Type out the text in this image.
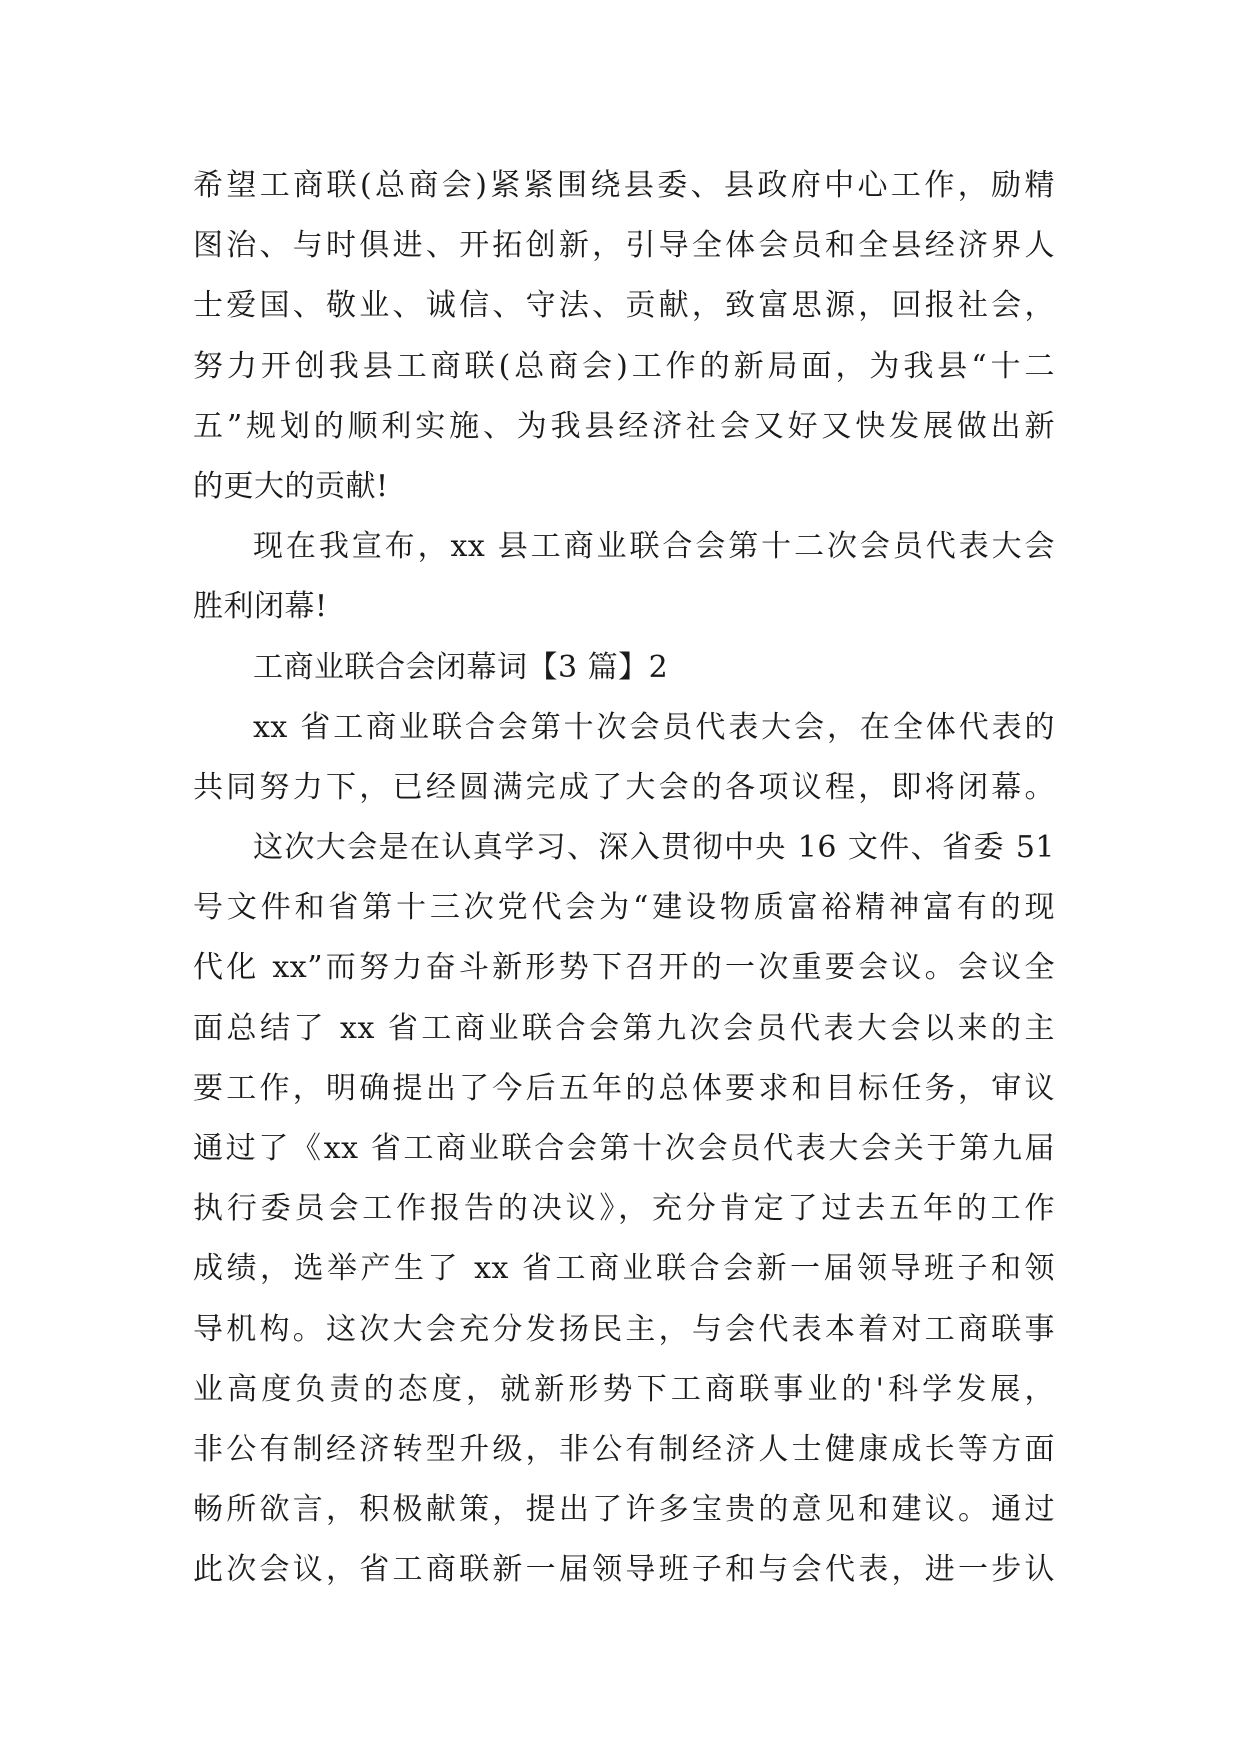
希望工商联(总商会)紧紧围绕县委、县政府中心工作，励精
图治、与时俱进、开拓创新，引导全体会员和全县经济界人
士爱国、敬业、诚信、守法、贡献，致富思源，回报社会，
努力开创我县工商联(总商会)工作的新局面，为我县“十二
五”规划的顺利实施、为我县经济社会又好又快发展做出新
的更大的贡献!
现在我宣布，xx 县工商业联合会第十二次会员代表大会
胜利闭幕!
工商业联合会闭幕词【3 篇】2
xx 省工商业联合会第十次会员代表大会，在全体代表的
共同努力下，已经圆满完成了大会的各项议程，即将闭幕。
这次大会是在认真学习、深入贯彻中央 16 文件、省委 51
号文件和省第十三次党代会为“建设物质富裕精神富有的现
代化 xx”而努力奋斗新形势下召开的一次重要会议。会议全
面总结了 xx 省工商业联合会第九次会员代表大会以来的主
要工作，明确提出了今后五年的总体要求和目标任务，审议
通过了《xx 省工商业联合会第十次会员代表大会关于第九届
执行委员会工作报告的决议》，充分肯定了过去五年的工作
成绩，选举产生了 xx 省工商业联合会新一届领导班子和领
导机构。这次大会充分发扬民主，与会代表本着对工商联事
业高度负责的态度，就新形势下工商联事业的'科学发展，
非公有制经济转型升级，非公有制经济人士健康成长等方面
畅所欲言，积极献策，提出了许多宝贵的意见和建议。通过
此次会议，省工商联新一届领导班子和与会代表，进一步认
